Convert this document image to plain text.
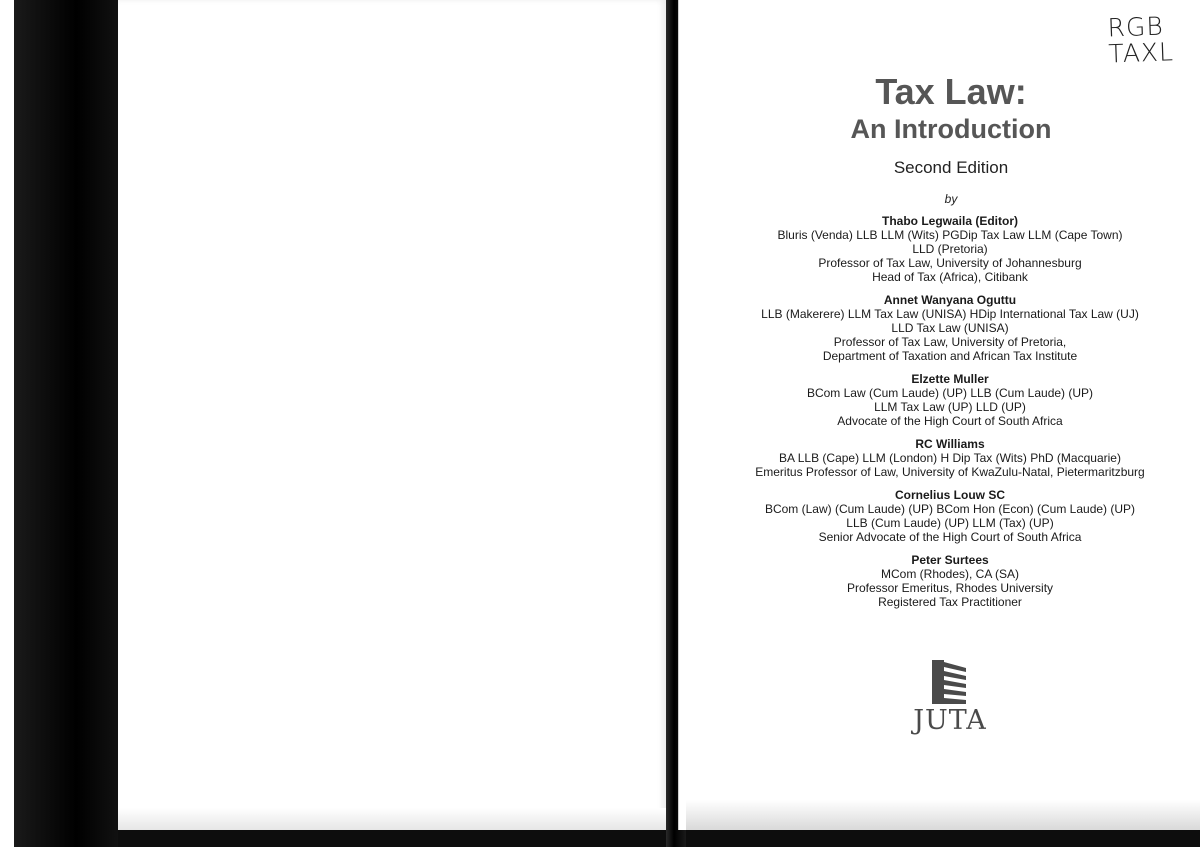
RGB
TAXL
Tax Law:
An Introduction
Second Edition
by
Thabo Legwaila (Editor)
Bluris (Venda) LLB LLM (Wits) PGDip Tax Law LLM (Cape Town)
LLD (Pretoria)
Professor of Tax Law, University of Johannesburg
Head of Tax (Africa), Citibank
Annet Wanyana Oguttu
LLB (Makerere) LLM Tax Law (UNISA) HDip International Tax Law (UJ)
LLD Tax Law (UNISA)
Professor of Tax Law, University of Pretoria,
Department of Taxation and African Tax Institute
Elzette Muller
BCom Law (Cum Laude) (UP) LLB (Cum Laude) (UP)
LLM Tax Law (UP) LLD (UP)
Advocate of the High Court of South Africa
RC Williams
BA LLB (Cape) LLM (London) H Dip Tax (Wits) PhD (Macquarie)
Emeritus Professor of Law, University of KwaZulu-Natal, Pietermaritzburg
Cornelius Louw SC
BCom (Law) (Cum Laude) (UP) BCom Hon (Econ) (Cum Laude) (UP)
LLB (Cum Laude) (UP) LLM (Tax) (UP)
Senior Advocate of the High Court of South Africa
Peter Surtees
MCom (Rhodes), CA (SA)
Professor Emeritus, Rhodes University
Registered Tax Practitioner
JUTA
